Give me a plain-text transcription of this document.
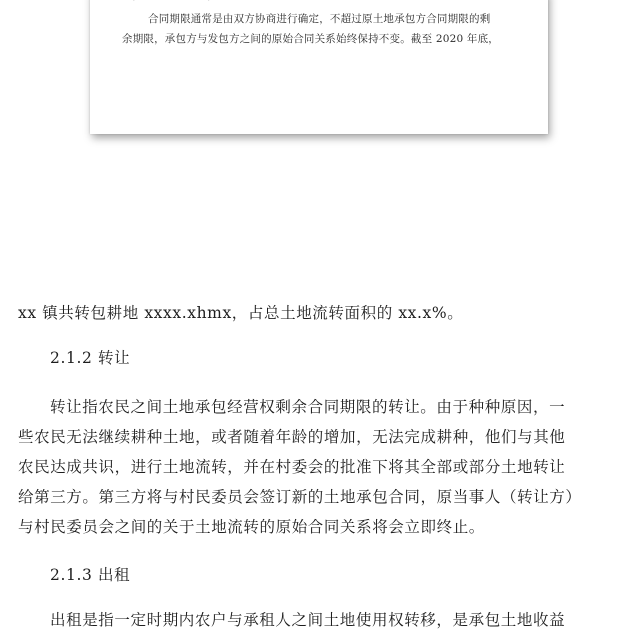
合同期限通常是由双方协商进行确定，不超过原土地承包方合同期限的剩
余期限，承包方与发包方之间的原始合同关系始终保持不变。截至 2020 年底，
xx 镇共转包耕地 xxxx.xhmx，占总土地流转面积的 xx.x%。
2.1.2 转让
转让指农民之间土地承包经营权剩余合同期限的转让。由于种种原因，一
些农民无法继续耕种土地，或者随着年龄的增加，无法完成耕种，他们与其他
农民达成共识，进行土地流转，并在村委会的批准下将其全部或部分土地转让
给第三方。第三方将与村民委员会签订新的土地承包合同，原当事人（转让方）
与村民委员会之间的关于土地流转的原始合同关系将会立即终止。
2.1.3 出租
出租是指一定时期内农户与承租人之间土地使用权转移，是承包土地收益
